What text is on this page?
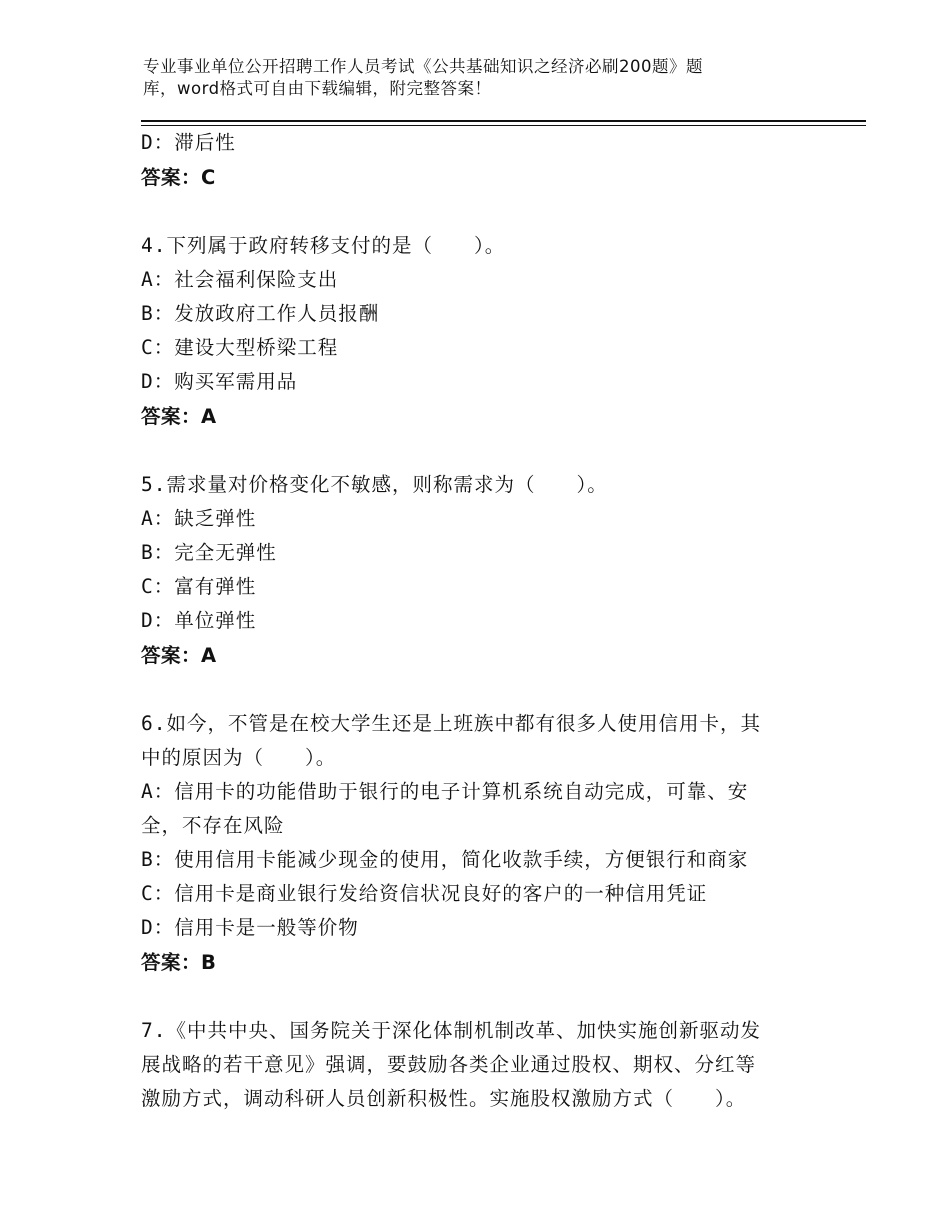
专业事业单位公开招聘工作人员考试《公共基础知识之经济必刷200题》题
库，word格式可自由下载编辑，附完整答案！
D：滞后性
答案：C
4.下列属于政府转移支付的是（　　）。
A：社会福利保险支出
B：发放政府工作人员报酬
C：建设大型桥梁工程
D：购买军需用品
答案：A
5.需求量对价格变化不敏感，则称需求为（　　）。
A：缺乏弹性
B：完全无弹性
C：富有弹性
D：单位弹性
答案：A
6.如今，不管是在校大学生还是上班族中都有很多人使用信用卡，其
中的原因为（　　）。
A：信用卡的功能借助于银行的电子计算机系统自动完成，可靠、安
全，不存在风险
B：使用信用卡能减少现金的使用，简化收款手续，方便银行和商家
C：信用卡是商业银行发给资信状况良好的客户的一种信用凭证
D：信用卡是一般等价物
答案：B
7.《中共中央、国务院关于深化体制机制改革、加快实施创新驱动发
展战略的若干意见》强调，要鼓励各类企业通过股权、期权、分红等
激励方式，调动科研人员创新积极性。实施股权激励方式（　　）。
